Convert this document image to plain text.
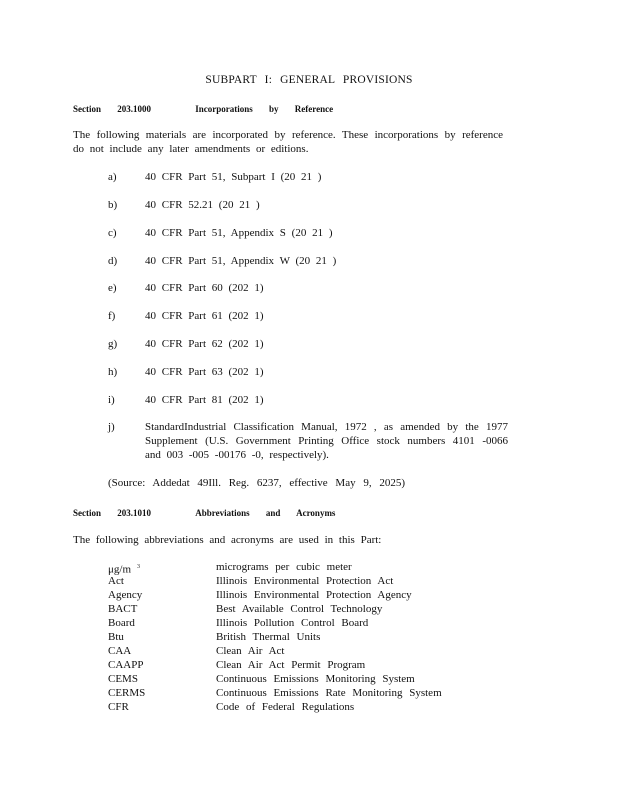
SUBPART I: GENERAL PROVISIONS
Section 203.1000	Incorporations by Reference
The following materials are incorporated by reference. These incorporations by reference do not include any later amendments or editions.
a)	40 CFR Part 51, Subpart I (20 21 )
b)	40 CFR 52.21 (20 21 )
c)	40 CFR Part 51, Appendix S (20 21 )
d)	40 CFR Part 51, Appendix W (20 21 )
e)	40 CFR Part 60 (202 1)
f)	40 CFR Part 61 (202 1)
g)	40 CFR Part 62 (202 1)
h)	40 CFR Part 63 (202 1)
i)	40 CFR Part 81 (202 1)
j)	StandardIndustrial Classification Manual, 1972 , as amended by the 1977 Supplement (U.S. Government Printing Office stock numbers 4101 -0066 and 003 -005 -00176 -0, respectively).
(Source: Addedat 49Ill. Reg. 6237, effective May 9, 2025)
Section 203.1010	Abbreviations and Acronyms
The following abbreviations and acronyms are used in this Part:
μg/m $^3$	micrograms per cubic meter
Act	Illinois Environmental Protection Act
Agency	Illinois Environmental Protection Agency
BACT	Best Available Control Technology
Board	Illinois Pollution Control Board
Btu	British Thermal Units
CAA	Clean Air Act
CAAPP	Clean Air Act Permit Program
CEMS	Continuous Emissions Monitoring System
CERMS	Continuous Emissions Rate Monitoring System
CFR	Code of Federal Regulations
